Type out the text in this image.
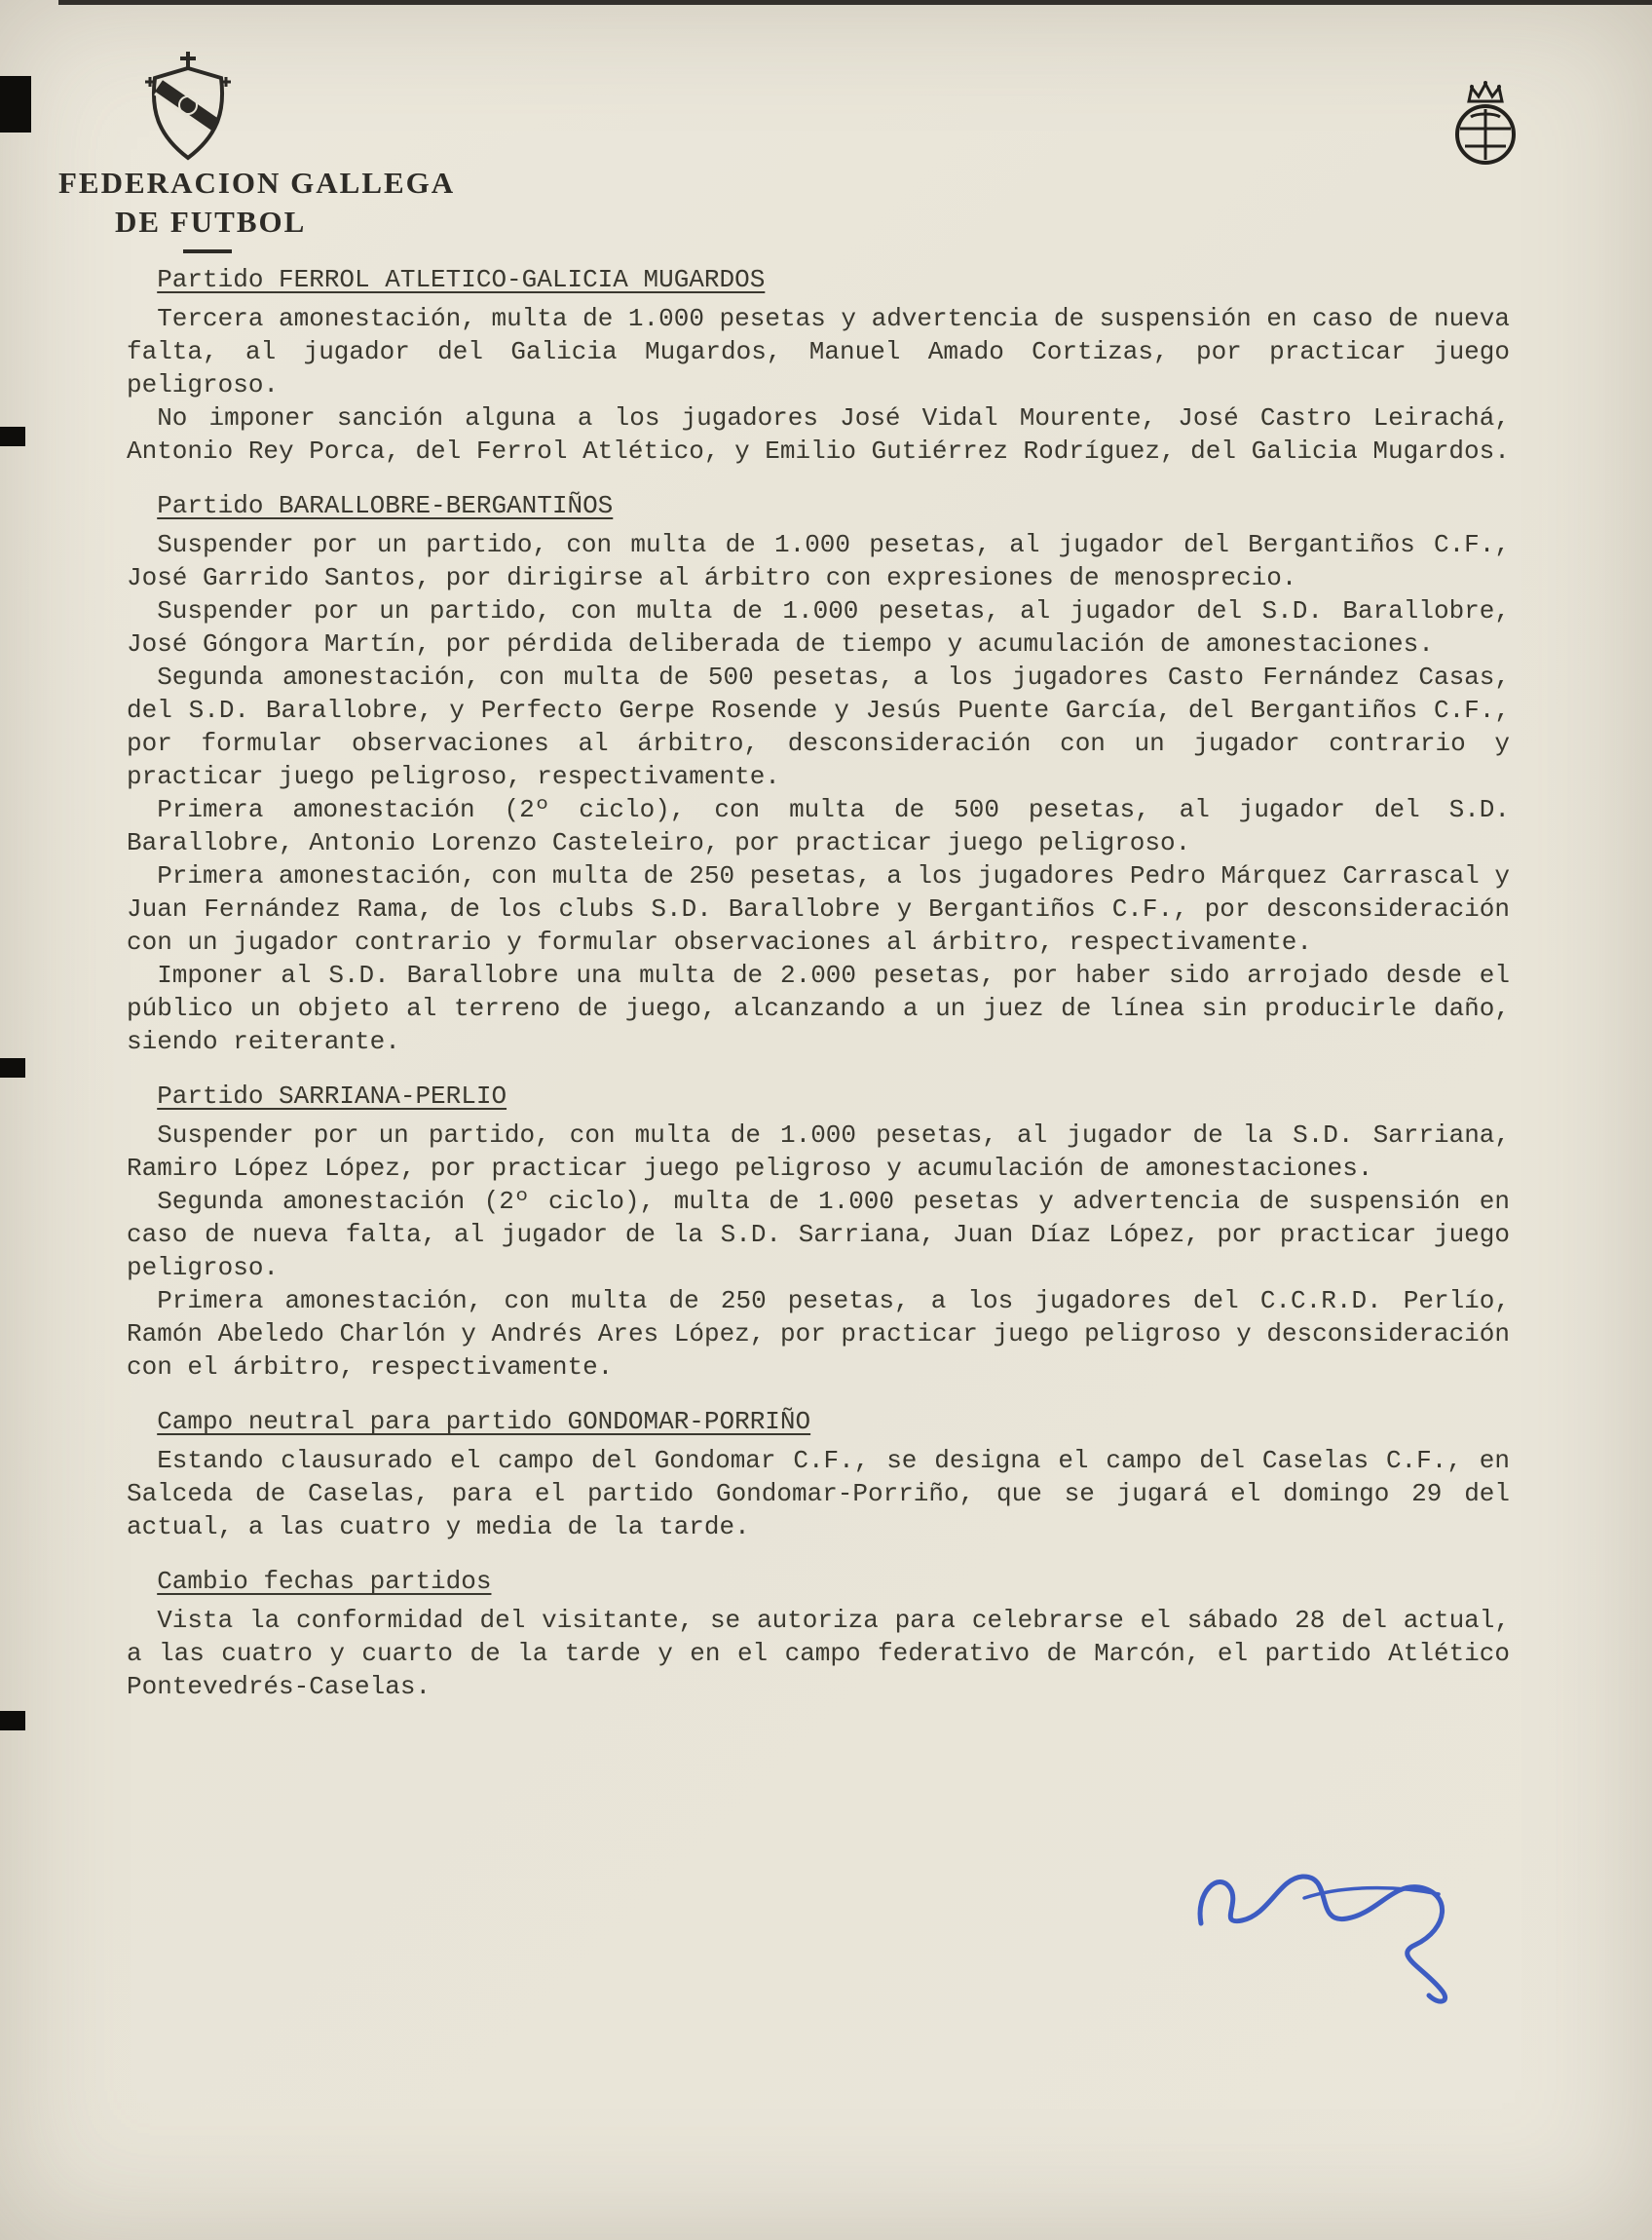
FEDERACION GALLEGA
DE FUTBOL
Partido FERROL ATLETICO-GALICIA MUGARDOS

Tercera amonestación, multa de 1.000 pesetas y advertencia de suspensión en caso de nueva falta, al jugador del Galicia Mugardos, Manuel Amado Cortizas, por practicar juego peligroso.

No imponer sanción alguna a los jugadores José Vidal Mourente, José Castro Leirachá, Antonio Rey Porca, del Ferrol Atlético, y Emilio Gutiérrez Rodríguez, del Galicia Mugardos.

Partido BARALLOBRE-BERGANTIÑOS

Suspender por un partido, con multa de 1.000 pesetas, al jugador del Bergantiños C.F., José Garrido Santos, por dirigirse al árbitro con expresiones de menosprecio.

Suspender por un partido, con multa de 1.000 pesetas, al jugador del S.D. Barallobre, José Góngora Martín, por pérdida deliberada de tiempo y acumulación de amonestaciones.

Segunda amonestación, con multa de 500 pesetas, a los jugadores Casto Fernández Casas, del S.D. Barallobre, y Perfecto Gerpe Rosende y Jesús Puente García, del Bergantiños C.F., por formular observaciones al árbitro, desconsideración con un jugador contrario y practicar juego peligroso, respectivamente.

Primera amonestación (2º ciclo), con multa de 500 pesetas, al jugador del S.D. Barallobre, Antonio Lorenzo Casteleiro, por practicar juego peligroso.

Primera amonestación, con multa de 250 pesetas, a los jugadores Pedro Márquez Carrascal y Juan Fernández Rama, de los clubs S.D. Barallobre y Bergantiños C.F., por desconsideración con un jugador contrario y formular observaciones al árbitro, respectivamente.

Imponer al S.D. Barallobre una multa de 2.000 pesetas, por haber sido arrojado desde el público un objeto al terreno de juego, alcanzando a un juez de línea sin producirle daño, siendo reiterante.

Partido SARRIANA-PERLIO

Suspender por un partido, con multa de 1.000 pesetas, al jugador de la S.D. Sarriana, Ramiro López López, por practicar juego peligroso y acumulación de amonestaciones.

Segunda amonestación (2º ciclo), multa de 1.000 pesetas y advertencia de suspensión en caso de nueva falta, al jugador de la S.D. Sarriana, Juan Díaz López, por practicar juego peligroso.

Primera amonestación, con multa de 250 pesetas, a los jugadores del C.C.R.D. Perlío, Ramón Abeledo Charlón y Andrés Ares López, por practicar juego peligroso y desconsideración con el árbitro, respectivamente.

Campo neutral para partido GONDOMAR-PORRIÑO

Estando clausurado el campo del Gondomar C.F., se designa el campo del Caselas C.F., en Salceda de Caselas, para el partido Gondomar-Porriño, que se jugará el domingo 29 del actual, a las cuatro y media de la tarde.

Cambio fechas partidos

Vista la conformidad del visitante, se autoriza para celebrarse el sábado 28 del actual, a las cuatro y cuarto de la tarde y en el campo federativo de Marcón, el partido Atlético Pontevedrés-Caselas.
